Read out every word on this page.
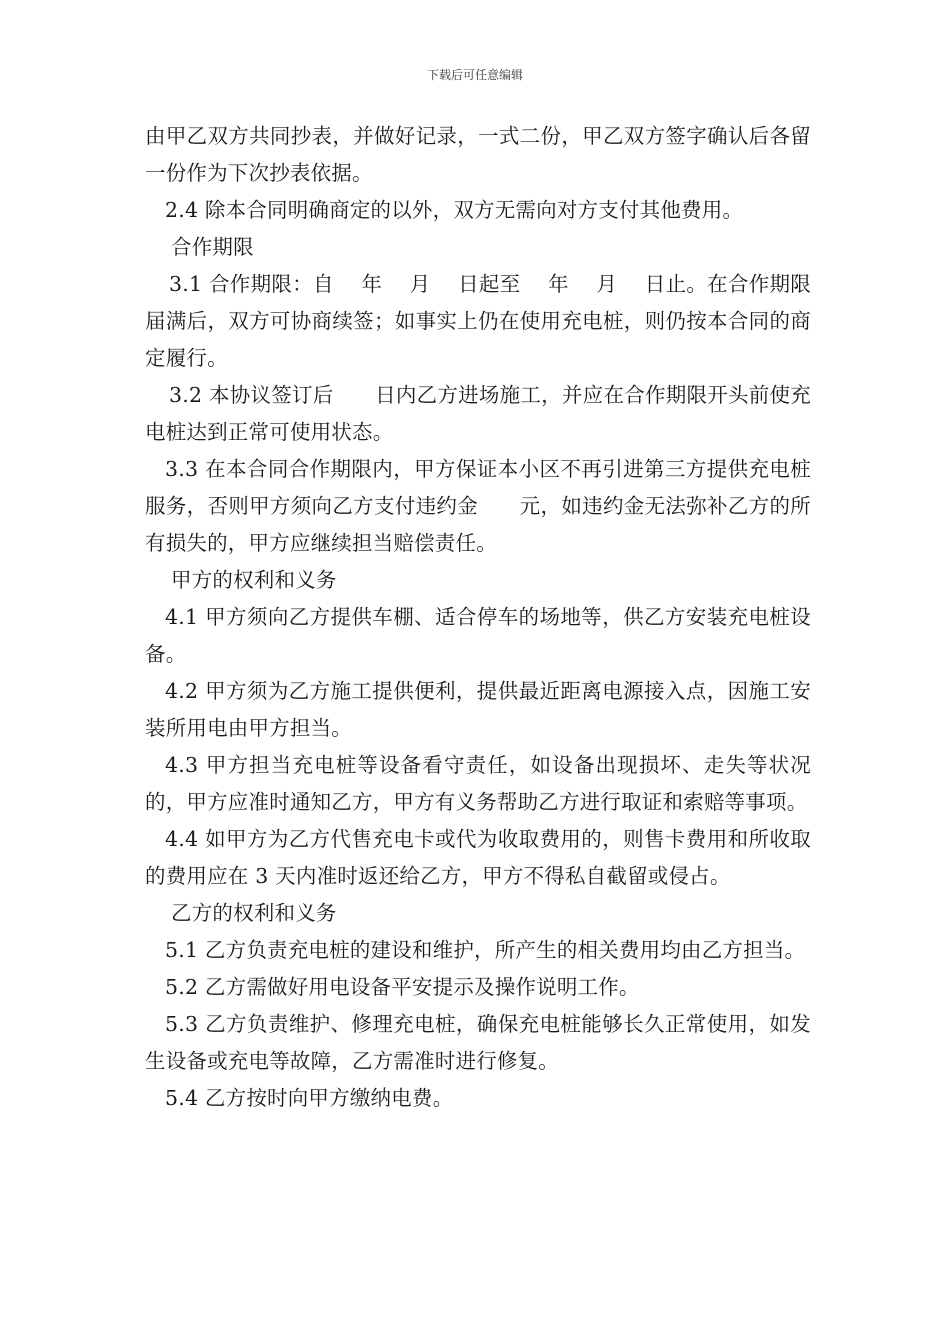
下载后可任意编辑

由甲乙双方共同抄表，并做好记录，一式二份，甲乙双方签字确认后各留一份作为下次抄表依据。

2.4 除本合同明确商定的以外，双方无需向对方支付其他费用。

合作期限

3.1 合作期限：自　 年　 月　 日起至　 年　 月　 日止。在合作期限届满后，双方可协商续签；如事实上仍在使用充电桩，则仍按本合同的商定履行。

3.2 本协议签订后　　日内乙方进场施工，并应在合作期限开头前使充电桩达到正常可使用状态。

3.3 在本合同合作期限内，甲方保证本小区不再引进第三方提供充电桩服务，否则甲方须向乙方支付违约金　　元，如违约金无法弥补乙方的所有损失的，甲方应继续担当赔偿责任。

甲方的权利和义务

4.1 甲方须向乙方提供车棚、适合停车的场地等，供乙方安装充电桩设备。

4.2 甲方须为乙方施工提供便利，提供最近距离电源接入点，因施工安装所用电由甲方担当。

4.3 甲方担当充电桩等设备看守责任，如设备出现损坏、走失等状况的，甲方应准时通知乙方，甲方有义务帮助乙方进行取证和索赔等事项。

4.4 如甲方为乙方代售充电卡或代为收取费用的，则售卡费用和所收取的费用应在 3 天内准时返还给乙方，甲方不得私自截留或侵占。

乙方的权利和义务

5.1 乙方负责充电桩的建设和维护，所产生的相关费用均由乙方担当。

5.2 乙方需做好用电设备平安提示及操作说明工作。

5.3 乙方负责维护、修理充电桩，确保充电桩能够长久正常使用，如发生设备或充电等故障，乙方需准时进行修复。

5.4 乙方按时向甲方缴纳电费。
